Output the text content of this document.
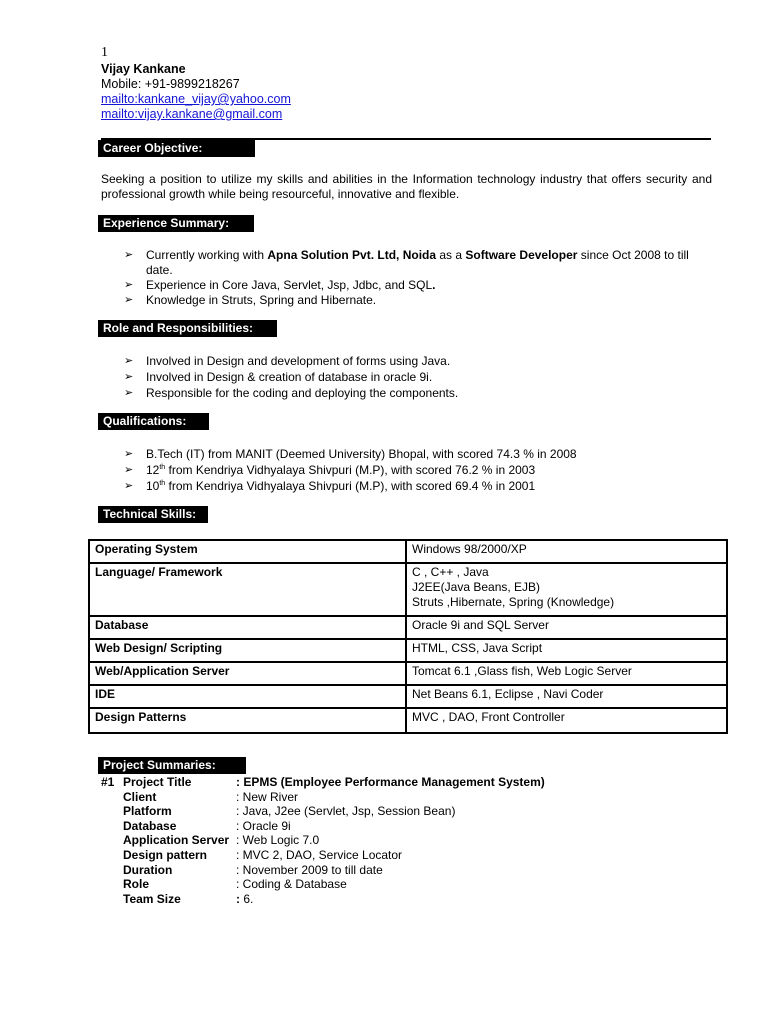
1
Vijay Kankane
Mobile: +91-9899218267
mailto:kankane_vijay@yahoo.com
mailto:vijay.kankane@gmail.com
Career Objective:
Seeking a position to utilize my skills and abilities in the Information technology industry that offers security and professional growth while being resourceful, innovative and flexible.
Experience Summary:
➢ Currently working with Apna Solution Pvt. Ltd, Noida as a Software Developer since Oct 2008 to till date.
➢ Experience in Core Java, Servlet, Jsp, Jdbc, and SQL.
➢ Knowledge in Struts, Spring and Hibernate.
Role and Responsibilities:
➢ Involved in Design and development of forms using Java.
➢ Involved in Design & creation of database in oracle 9i.
➢ Responsible for the coding and deploying the components.
Qualifications:
➢ B.Tech (IT) from MANIT (Deemed University) Bhopal, with scored 74.3 % in 2008
➢ 12th from Kendriya Vidhyalaya Shivpuri (M.P), with scored 76.2 % in 2003
➢ 10th from Kendriya Vidhyalaya Shivpuri (M.P), with scored 69.4 % in 2001
Technical Skills:
Operating System	Windows 98/2000/XP
Language/ Framework	C , C++ , Java
J2EE(Java Beans, EJB)
Struts ,Hibernate, Spring (Knowledge)
Database	Oracle 9i and SQL Server
Web Design/ Scripting	HTML, CSS, Java Script
Web/Application Server	Tomcat 6.1 ,Glass fish, Web Logic Server
IDE	Net Beans 6.1, Eclipse , Navi Coder
Design Patterns	MVC , DAO, Front Controller
Project Summaries:
#1 Project Title	: EPMS (Employee Performance Management System)
Client	: New River
Platform	: Java, J2ee (Servlet, Jsp, Session Bean)
Database	: Oracle 9i
Application Server : Web Logic 7.0
Design pattern : MVC 2, DAO, Service Locator
Duration	: November 2009 to till date
Role	: Coding & Database
Team Size	: 6.
